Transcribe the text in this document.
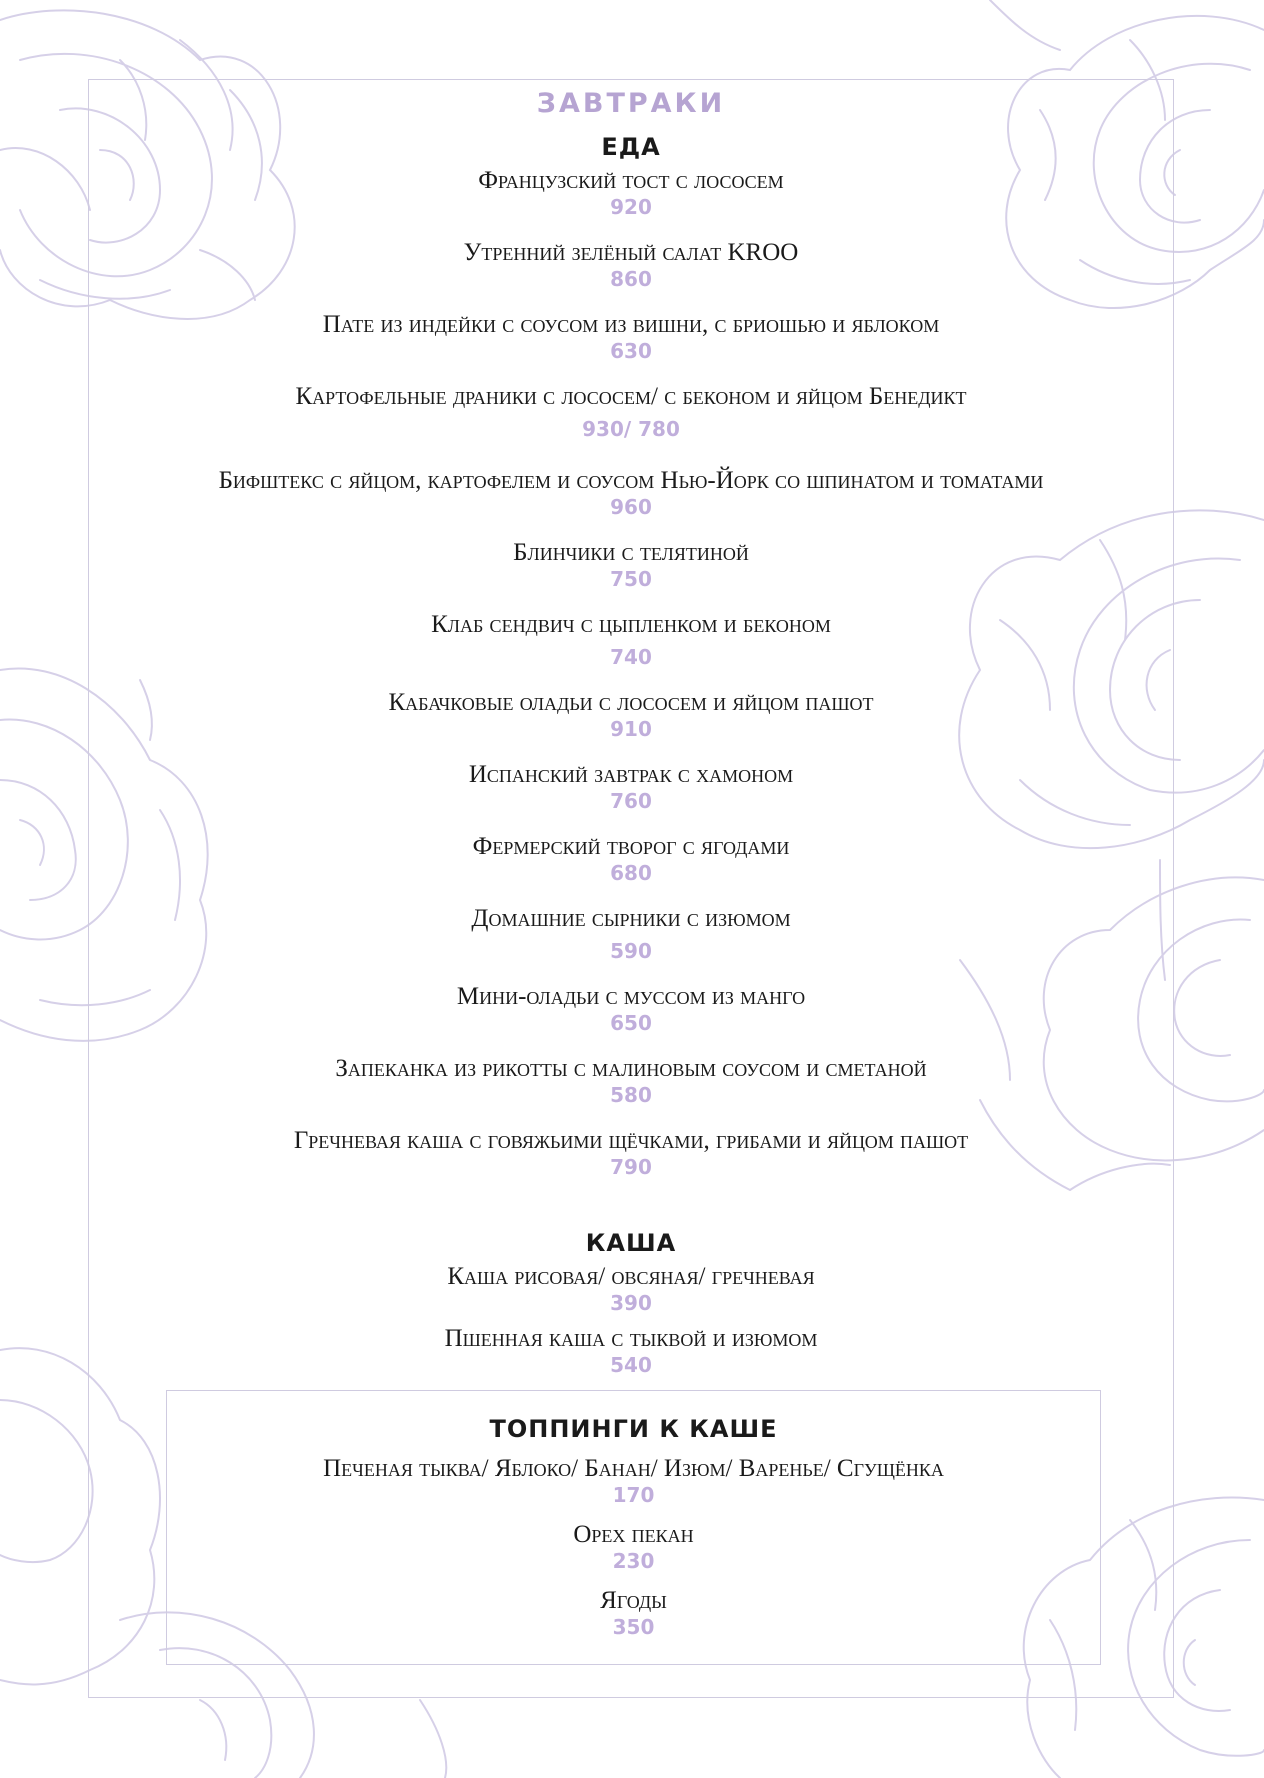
ЗАВТРАКИ
ЕДА
Французский тост с лососем
920
Утренний зелёный салат KROO
860
Пате из индейки с соусом из вишни, с бриошью и яблоком
630
Картофельные драники с лососем/ с беконом и яйцом Бенедикт
930/ 780
Бифштекс с яйцом, картофелем и соусом Нью-Йорк со шпинатом и томатами
960
Блинчики с телятиной
750
Клаб сендвич с цыпленком и беконом
740
Кабачковые оладьи с лососем и яйцом пашот
910
Испанский завтрак с хамоном
760
Фермерский творог с ягодами
680
Домашние сырники с изюмом
590
Мини-оладьи с муссом из манго
650
Запеканка из рикотты с малиновым соусом и сметаной
580
Гречневая каша с говяжьими щёчками, грибами и яйцом пашот
790
КАША
Каша рисовая/ овсяная/ гречневая
390
Пшенная каша с тыквой и изюмом
540
ТОППИНГИ К КАШЕ
Печеная тыква/ Яблоко/ Банан/ Изюм/ Варенье/ Сгущёнка
170
Орех пекан
230
Ягоды
350
